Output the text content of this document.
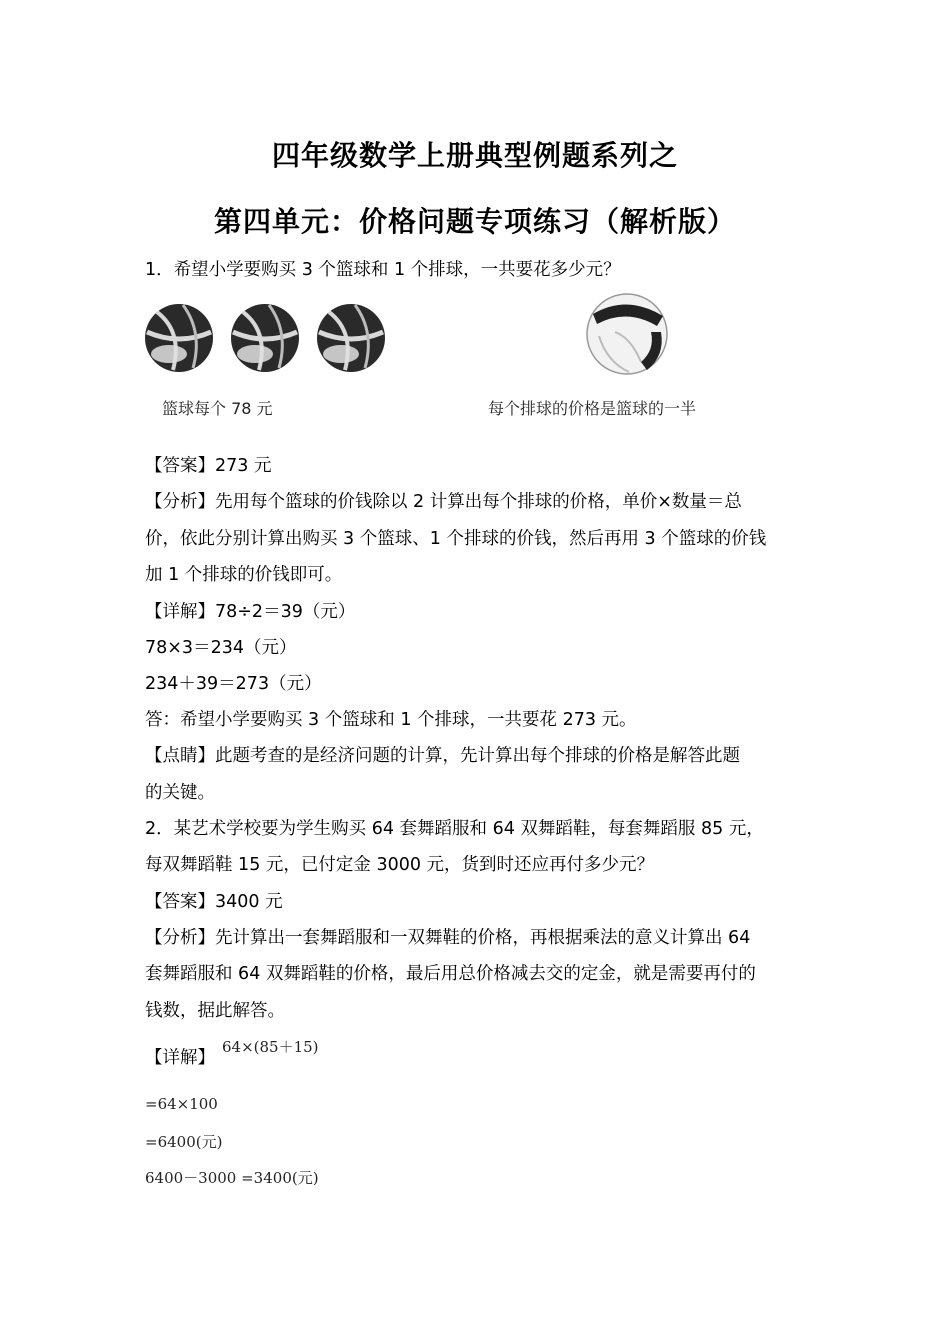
四年级数学上册典型例题系列之
第四单元：价格问题专项练习（解析版）
1．希望小学要购买 3 个篮球和 1 个排球，一共要花多少元？
篮球每个 78 元	每个排球的价格是篮球的一半
【答案】273 元
【分析】先用每个篮球的价钱除以 2 计算出每个排球的价格，单价×数量＝总
价，依此分别计算出购买 3 个篮球、1 个排球的价钱，然后再用 3 个篮球的价钱
加 1 个排球的价钱即可。
【详解】78÷2＝39（元）
78×3＝234（元）
234＋39＝273（元）
答：希望小学要购买 3 个篮球和 1 个排球，一共要花 273 元。
【点睛】此题考查的是经济问题的计算，先计算出每个排球的价格是解答此题
的关键。
2．某艺术学校要为学生购买 64 套舞蹈服和 64 双舞蹈鞋，每套舞蹈服 85 元，
每双舞蹈鞋 15 元，已付定金 3000 元，货到时还应再付多少元？
【答案】3400 元
【分析】先计算出一套舞蹈服和一双舞鞋的价格，再根据乘法的意义计算出 64
套舞蹈服和 64 双舞蹈鞋的价格，最后用总价格减去交的定金，就是需要再付的
钱数，据此解答。
【详解】
64×(85＋15)
=64×100
=6400(元)
6400－3000 =3400(元)
